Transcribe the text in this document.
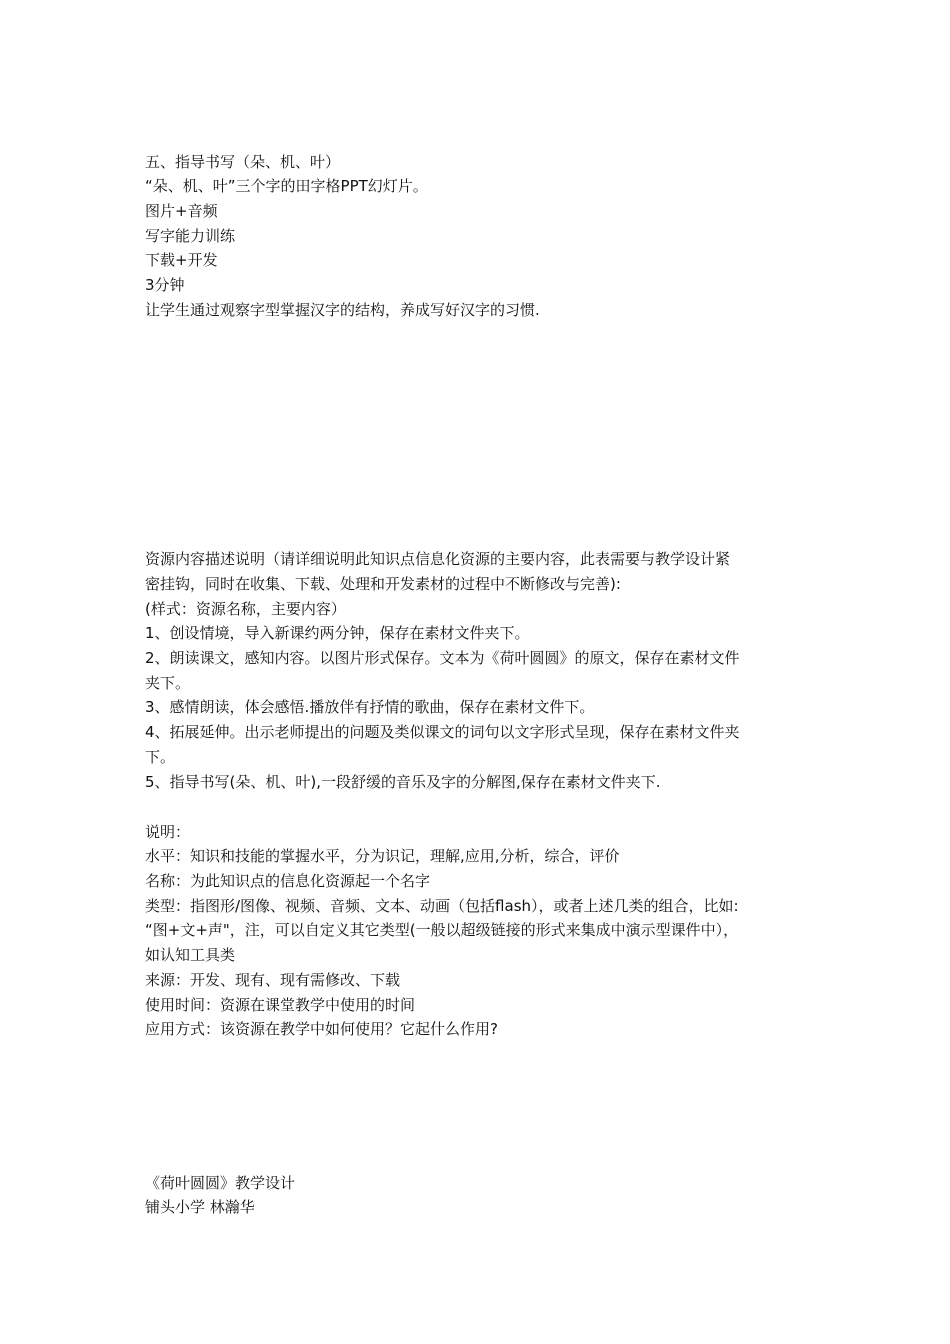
五、指导书写（朵、机、叶）
“朵、机、叶”三个字的田字格PPT幻灯片。
图片+音频
写字能力训练
下载+开发
3分钟
让学生通过观察字型掌握汉字的结构，养成写好汉字的习惯.
资源内容描述说明（请详细说明此知识点信息化资源的主要内容，此表需要与教学设计紧
密挂钩，同时在收集、下载、处理和开发素材的过程中不断修改与完善):
(样式：资源名称，主要内容）
1、创设情境，导入新课约两分钟，保存在素材文件夹下。
2、朗读课文，感知内容。以图片形式保存。文本为《荷叶圆圆》的原文，保存在素材文件
夹下。
3、感情朗读，体会感悟.播放伴有抒情的歌曲，保存在素材文件下。
4、拓展延伸。出示老师提出的问题及类似课文的词句以文字形式呈现，保存在素材文件夹
下。
5、指导书写(朵、机、叶),一段舒缓的音乐及字的分解图,保存在素材文件夹下.
说明：
水平：知识和技能的掌握水平，分为识记，理解,应用,分析，综合，评价
名称：为此知识点的信息化资源起一个名字
类型：指图形/图像、视频、音频、文本、动画（包括flash），或者上述几类的组合，比如:
“图+文+声"，注，可以自定义其它类型(一般以超级链接的形式来集成中演示型课件中），
如认知工具类
来源：开发、现有、现有需修改、下载
使用时间：资源在课堂教学中使用的时间
应用方式：该资源在教学中如何使用？它起什么作用?
《荷叶圆圆》教学设计
铺头小学 林瀚华
